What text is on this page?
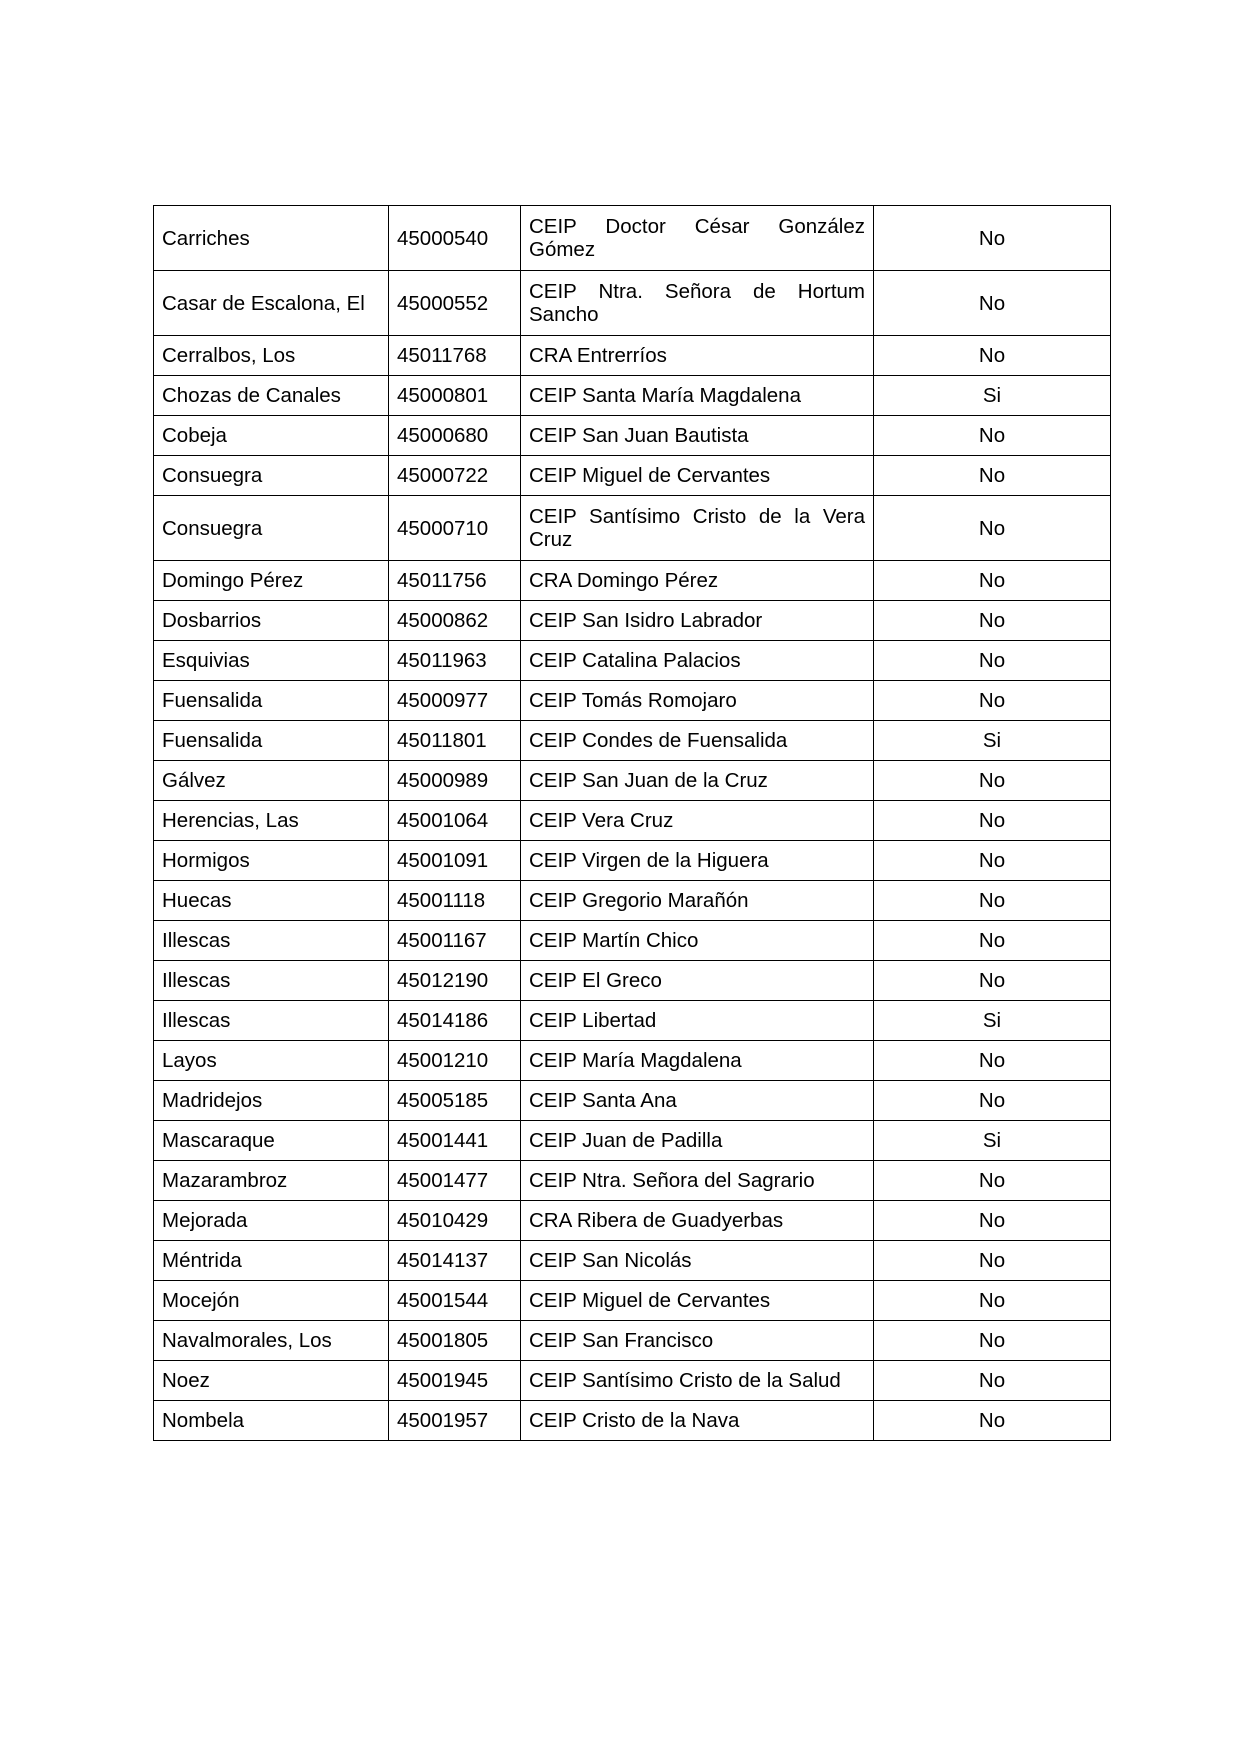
Carriches	45000540	CEIP Doctor César González Gómez	No
Casar de Escalona, El	45000552	CEIP Ntra. Señora de Hortum Sancho	No
Cerralbos, Los	45011768	CRA Entrerríos	No
Chozas de Canales	45000801	CEIP Santa María Magdalena	Si
Cobeja	45000680	CEIP San Juan Bautista	No
Consuegra	45000722	CEIP Miguel de Cervantes	No
Consuegra	45000710	CEIP Santísimo Cristo de la Vera Cruz	No
Domingo Pérez	45011756	CRA Domingo Pérez	No
Dosbarrios	45000862	CEIP San Isidro Labrador	No
Esquivias	45011963	CEIP Catalina Palacios	No
Fuensalida	45000977	CEIP Tomás Romojaro	No
Fuensalida	45011801	CEIP Condes de Fuensalida	Si
Gálvez	45000989	CEIP San Juan de la Cruz	No
Herencias, Las	45001064	CEIP Vera Cruz	No
Hormigos	45001091	CEIP Virgen de la Higuera	No
Huecas	45001118	CEIP Gregorio Marañón	No
Illescas	45001167	CEIP Martín Chico	No
Illescas	45012190	CEIP El Greco	No
Illescas	45014186	CEIP Libertad	Si
Layos	45001210	CEIP María Magdalena	No
Madridejos	45005185	CEIP Santa Ana	No
Mascaraque	45001441	CEIP Juan de Padilla	Si
Mazarambroz	45001477	CEIP Ntra. Señora del Sagrario	No
Mejorada	45010429	CRA Ribera de Guadyerbas	No
Méntrida	45014137	CEIP San Nicolás	No
Mocejón	45001544	CEIP Miguel de Cervantes	No
Navalmorales, Los	45001805	CEIP San Francisco	No
Noez	45001945	CEIP Santísimo Cristo de la Salud	No
Nombela	45001957	CEIP Cristo de la Nava	No
